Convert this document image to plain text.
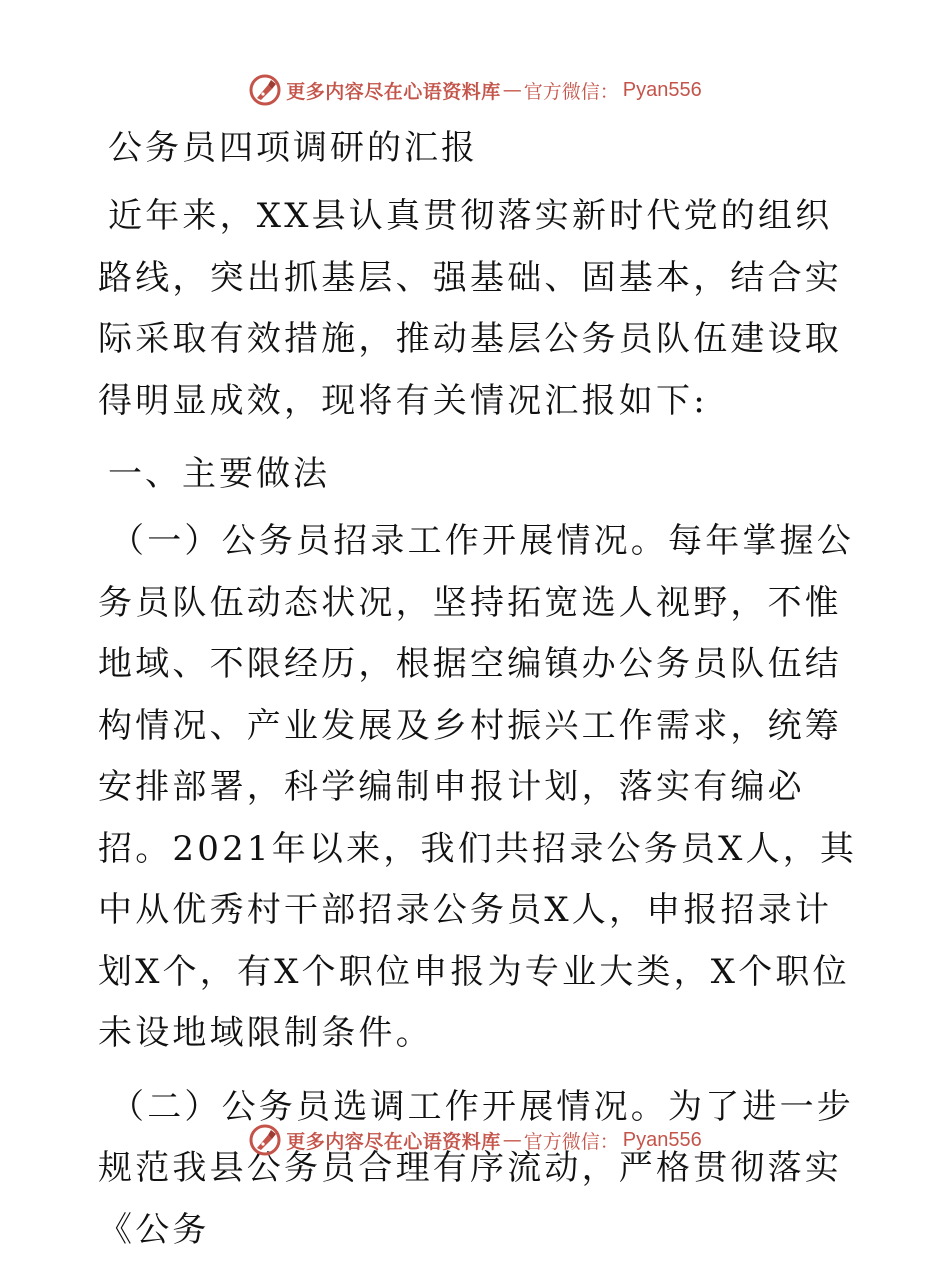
更多内容尽在心语资料库 — 官方微信： Pyan556
公务员四项调研的汇报
近年来，XX县认真贯彻落实新时代党的组织路线，突出抓基层、强基础、固基本，结合实际采取有效措施，推动基层公务员队伍建设取得明显成效，现将有关情况汇报如下:
一、主要做法
（一）公务员招录工作开展情况。每年掌握公务员队伍动态状况，坚持拓宽选人视野，不惟地域、不限经历，根据空编镇办公务员队伍结构情况、产业发展及乡村振兴工作需求，统筹安排部署，科学编制申报计划，落实有编必招。2021年以来，我们共招录公务员X人，其中从优秀村干部招录公务员X人，申报招录计划X个，有X个职位申报为专业大类，X个职位未设地域限制条件。
（二）公务员选调工作开展情况。为了进一步规范我县公务员合理有序流动，严格贯彻落实《公务
更多内容尽在心语资料库 — 官方微信： Pyan556
